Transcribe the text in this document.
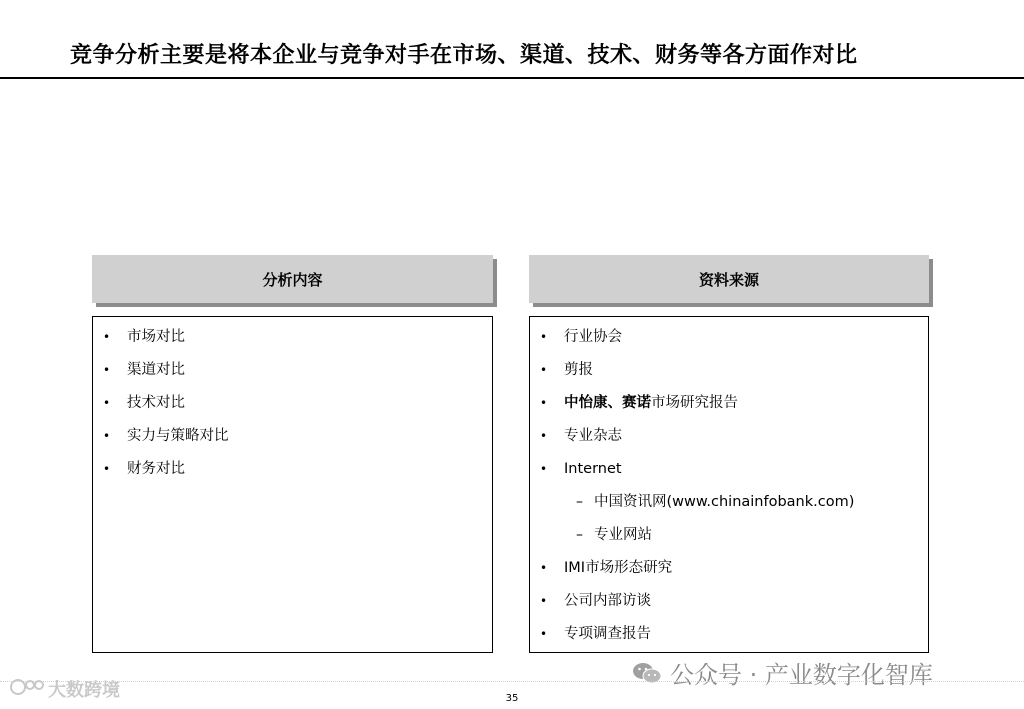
竞争分析主要是将本企业与竞争对手在市场、渠道、技术、财务等各方面作对比
分析内容	资料来源
• 市场对比
• 渠道对比
• 技术对比
• 实力与策略对比
• 财务对比
• 行业协会
• 剪报
• 中怡康、赛诺市场研究报告
• 专业杂志
• Internet
– 中国资讯网(www.chinainfobank.com)
– 专业网站
• IMI市场形态研究
• 公司内部访谈
• 专项调查报告
公众号 · 产业数字化智库
大数跨境	35
